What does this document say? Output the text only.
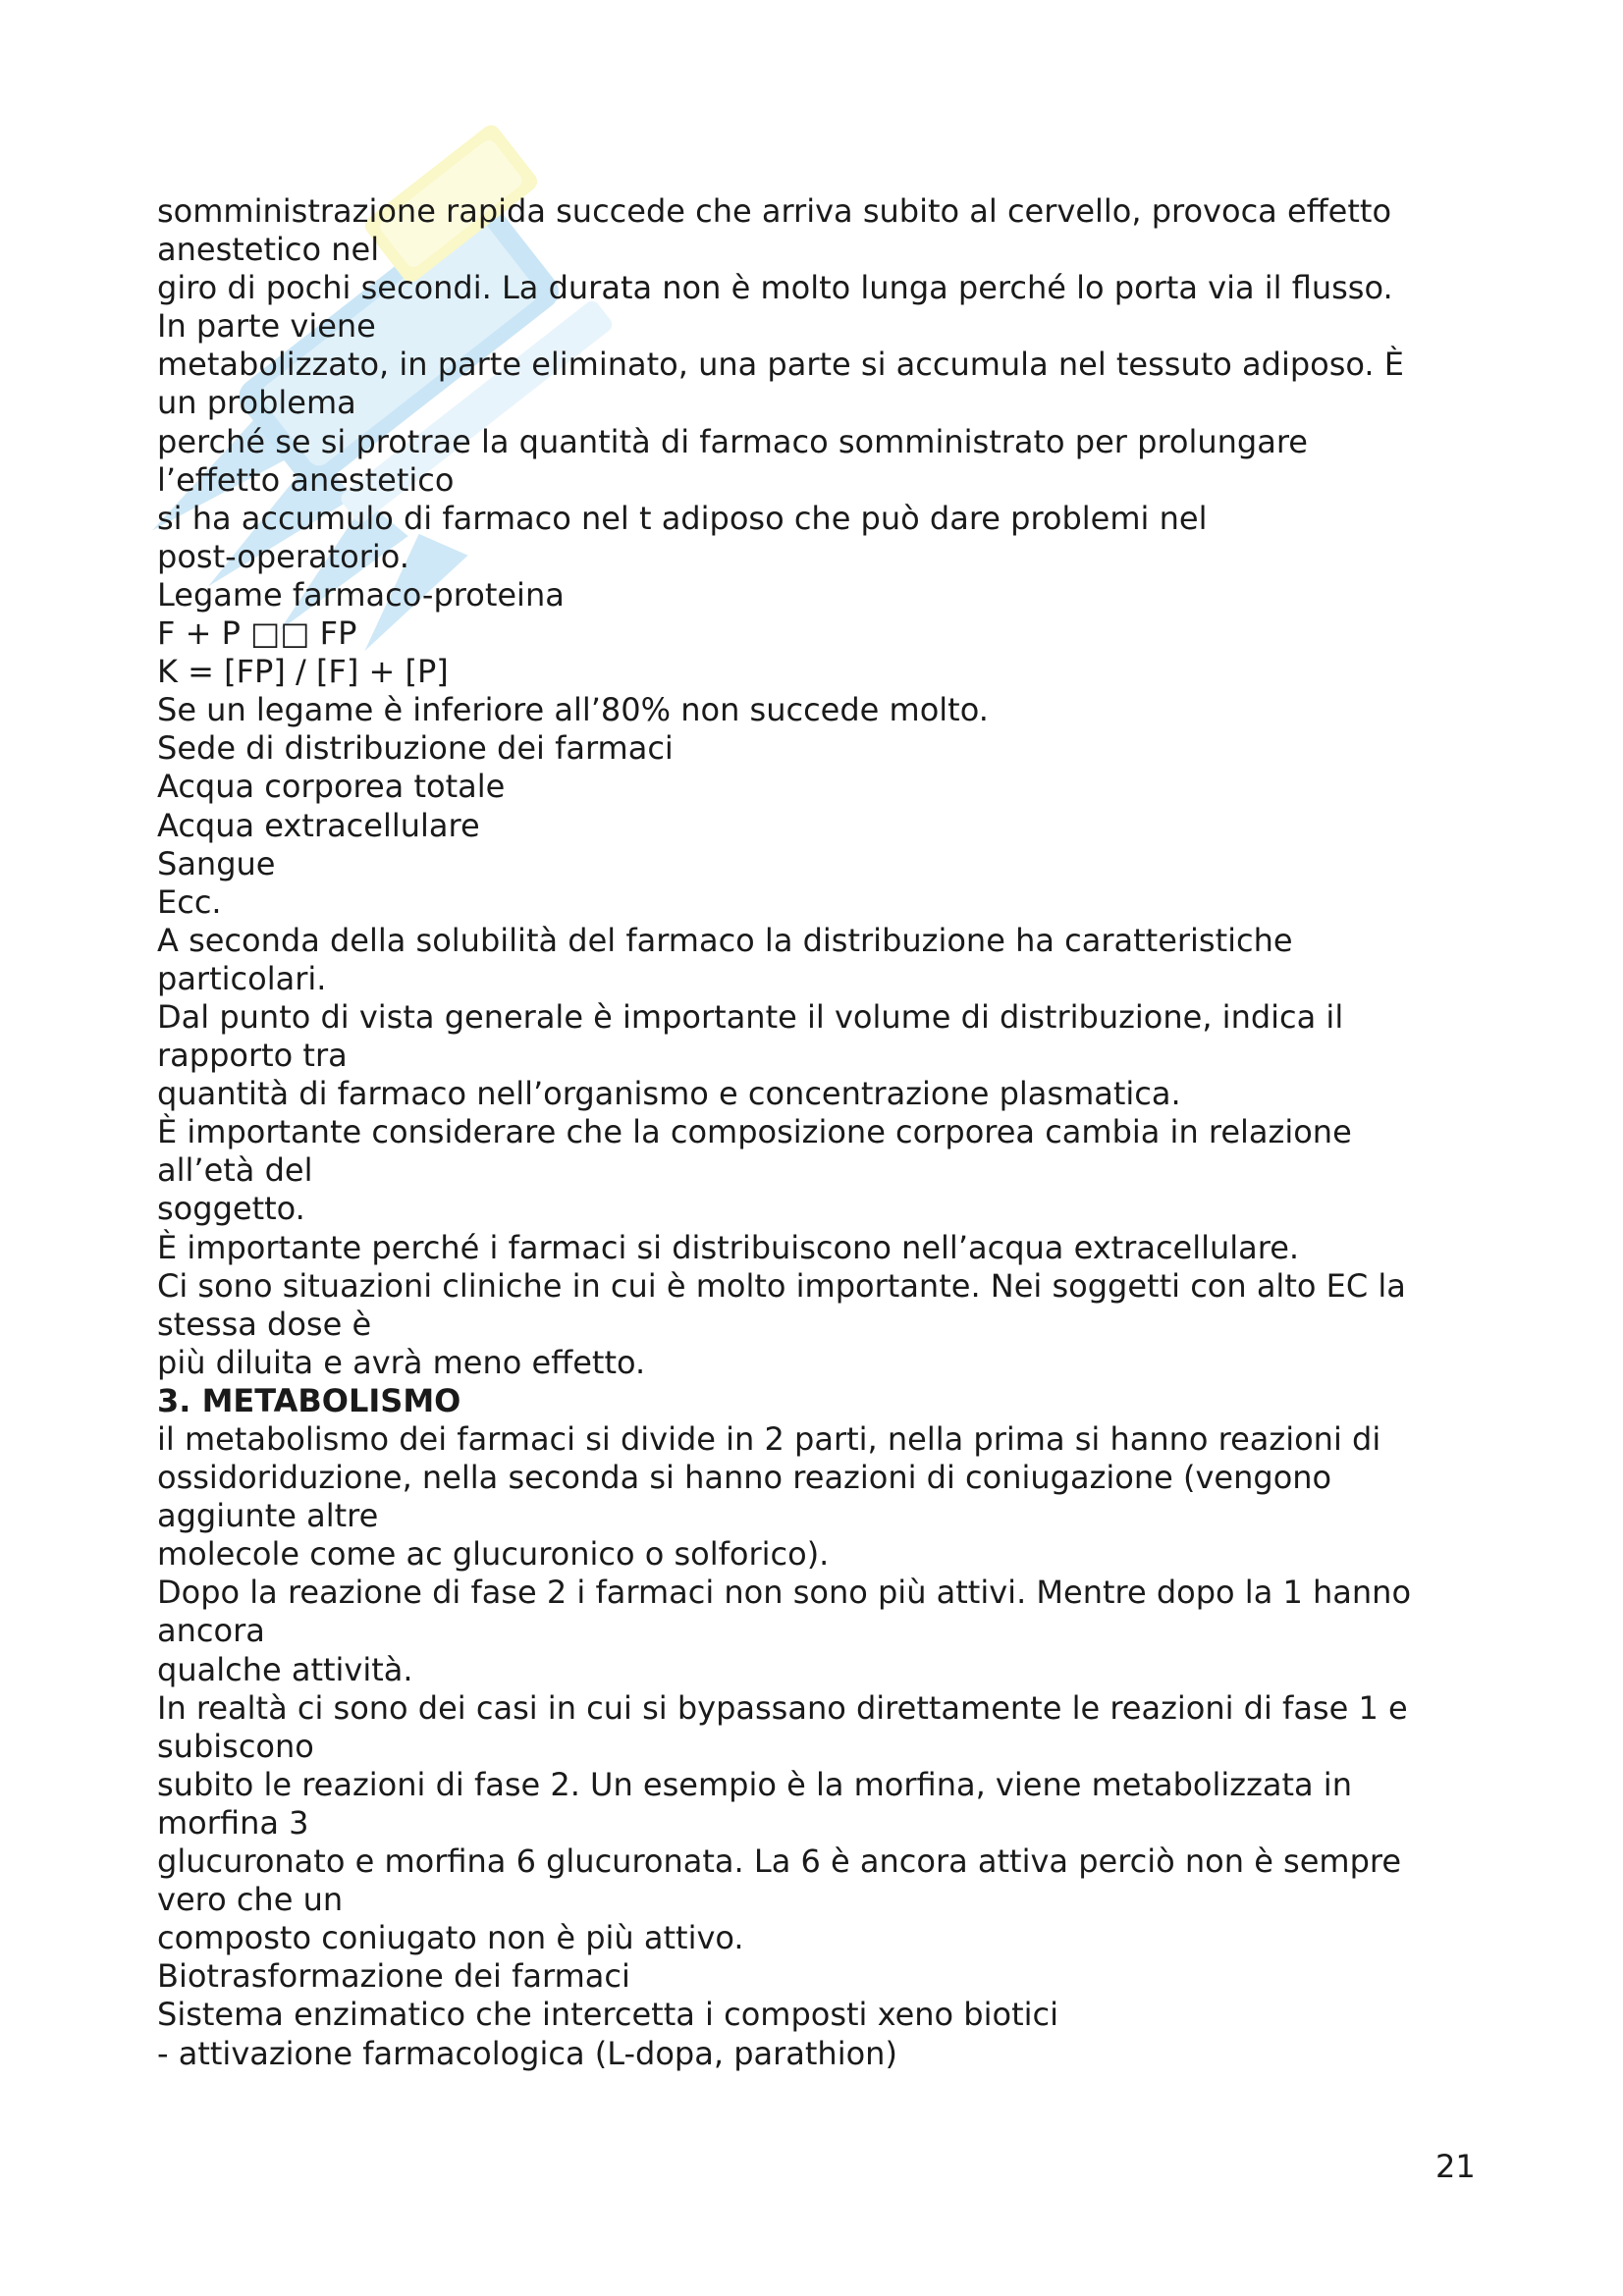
somministrazione rapida succede che arriva subito al cervello, provoca effetto
anestetico nel
giro di pochi secondi. La durata non è molto lunga perché lo porta via il flusso.
In parte viene
metabolizzato, in parte eliminato, una parte si accumula nel tessuto adiposo. È
un problema
perché se si protrae la quantità di farmaco somministrato per prolungare
l’effetto anestetico
si ha accumulo di farmaco nel t adiposo che può dare problemi nel
post-operatorio.
Legame farmaco-proteina
F + P □□ FP
K = [FP] / [F] + [P]
Se un legame è inferiore all’80% non succede molto.
Sede di distribuzione dei farmaci
Acqua corporea totale
Acqua extracellulare
Sangue
Ecc.
A seconda della solubilità del farmaco la distribuzione ha caratteristiche
particolari.
Dal punto di vista generale è importante il volume di distribuzione, indica il
rapporto tra
quantità di farmaco nell’organismo e concentrazione plasmatica.
È importante considerare che la composizione corporea cambia in relazione
all’età del
soggetto.
È importante perché i farmaci si distribuiscono nell’acqua extracellulare.
Ci sono situazioni cliniche in cui è molto importante. Nei soggetti con alto EC la
stessa dose è
più diluita e avrà meno effetto.
3. METABOLISMO
il metabolismo dei farmaci si divide in 2 parti, nella prima si hanno reazioni di
ossidoriduzione, nella seconda si hanno reazioni di coniugazione (vengono
aggiunte altre
molecole come ac glucuronico o solforico).
Dopo la reazione di fase 2 i farmaci non sono più attivi. Mentre dopo la 1 hanno
ancora
qualche attività.
In realtà ci sono dei casi in cui si bypassano direttamente le reazioni di fase 1 e
subiscono
subito le reazioni di fase 2. Un esempio è la morfina, viene metabolizzata in
morfina 3
glucuronato e morfina 6 glucuronata. La 6 è ancora attiva perciò non è sempre
vero che un
composto coniugato non è più attivo.
Biotrasformazione dei farmaci
Sistema enzimatico che intercetta i composti xeno biotici
- attivazione farmacologica (L-dopa, parathion)
21
